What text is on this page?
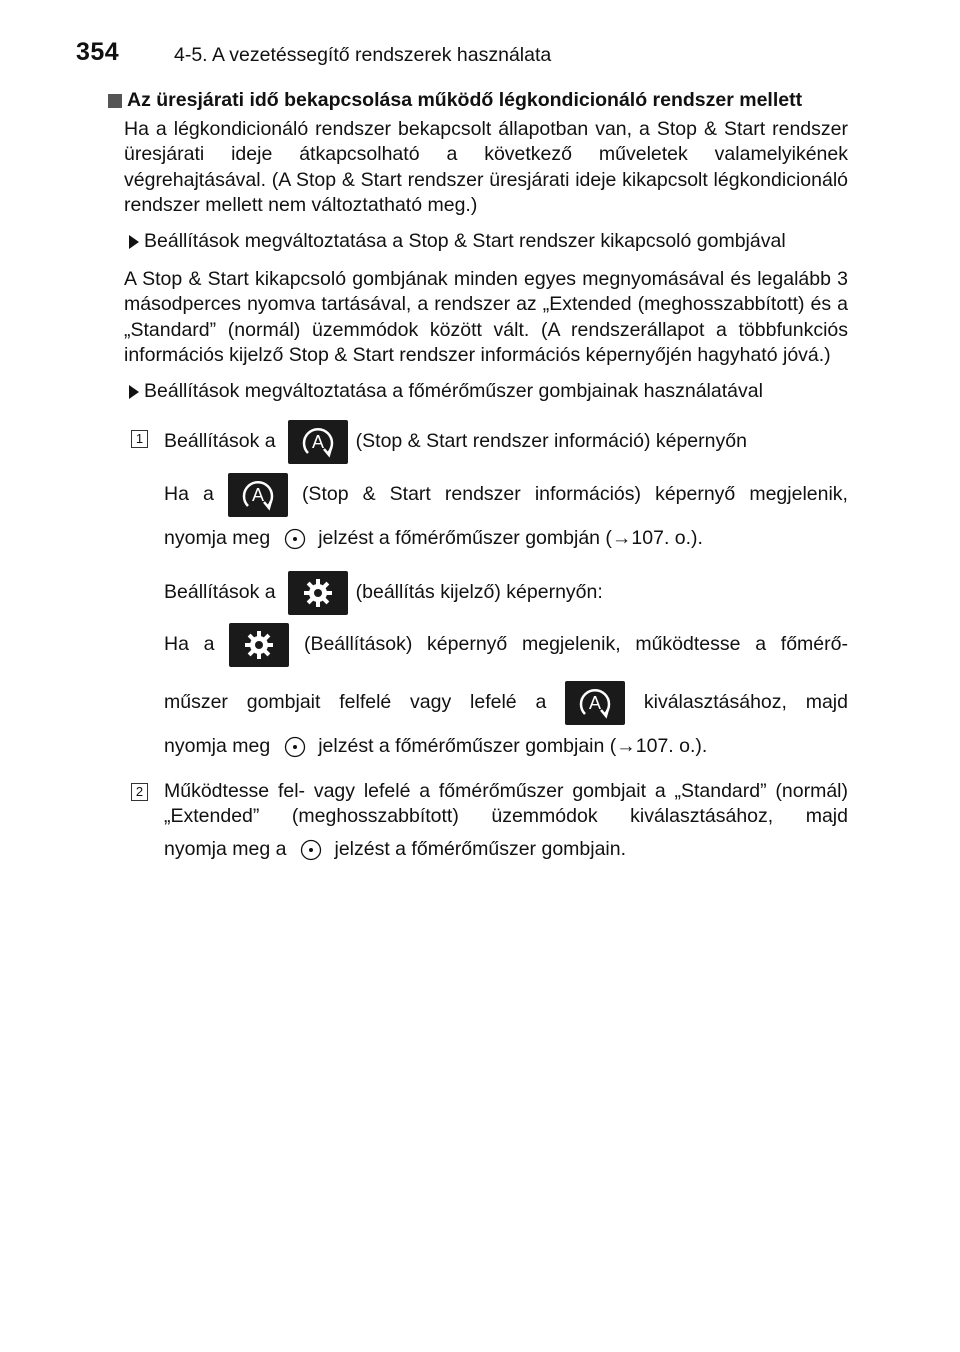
354	4-5. A vezetéssegítő rendszerek használata
Az üresjárati idő bekapcsolása működő légkondicionáló rendszer mellett
Ha a légkondicionáló rendszer bekapcsolt állapotban van, a Stop & Start rendszer üresjárati ideje átkapcsolható a következő műveletek valamelyikének végrehajtásával. (A Stop & Start rendszer üresjárati ideje kikapcsolt légkondicionáló rendszer mellett nem változtatható meg.)
Beállítások megváltoztatása a Stop & Start rendszer kikapcsoló gombjával
A Stop & Start kikapcsoló gombjának minden egyes megnyomásával és legalább 3 másodperces nyomva tartásával, a rendszer az „Extended (meghosszabbított) és a „Standard” (normál) üzemmódok között vált. (A rendszerállapot a többfunkciós információs kijelző Stop & Start rendszer információs képernyőjén hagyható jóvá.)
Beállítások megváltoztatása a főmérőműszer gombjainak használatával
1 Beállítások a A (Stop & Start rendszer információ) képernyőn
Ha a A (Stop & Start rendszer információs) képernyő megjelenik,
nyomja meg jelzést a főmérőműszer gombján (→107. o.).
Beállítások a	(beállítás kijelző) képernyőn:
Ha a	(Beállítások) képernyő megjelenik, működtesse a főmérő-
műszer gombjait felfelé vagy lefelé a A kiválasztásához, majd
nyomja meg jelzést a főmérőműszer gombjain (→107. o.).
2 Működtesse fel- vagy lefelé a főmérőműszer gombjait a „Standard” (normál) „Extended” (meghosszabbított) üzemmódok kiválasztásához, majd
nyomja meg a jelzést a főmérőműszer gombjain.
